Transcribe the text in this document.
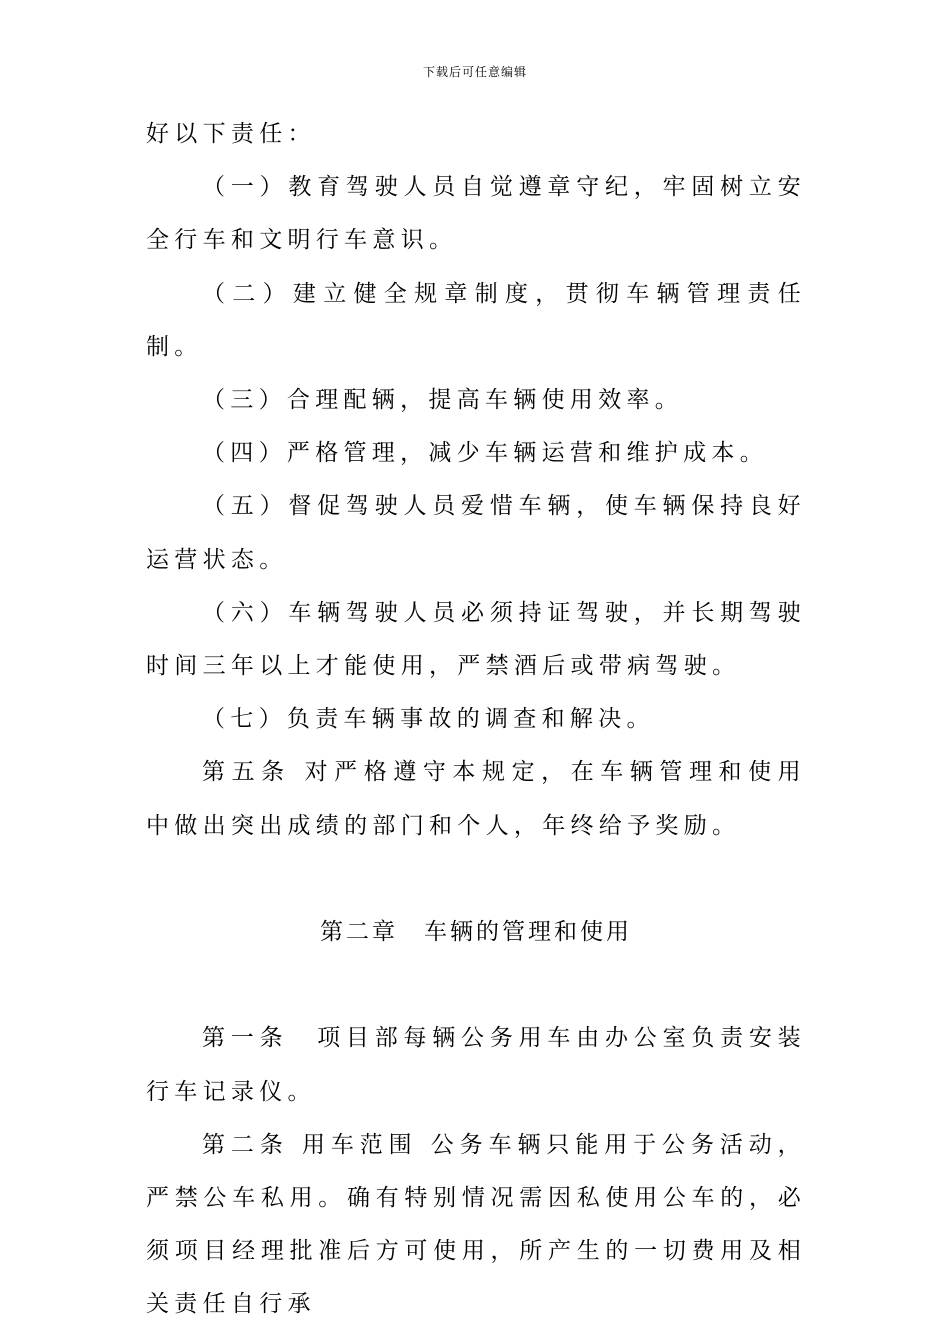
下载后可任意编辑

好以下责任：

（一）教育驾驶人员自觉遵章守纪，牢固树立安全行车和文明行车意识。

（二）建立健全规章制度，贯彻车辆管理责任制。

（三）合理配辆，提高车辆使用效率。

（四）严格管理，减少车辆运营和维护成本。

（五）督促驾驶人员爱惜车辆，使车辆保持良好运营状态。

（六）车辆驾驶人员必须持证驾驶，并长期驾驶时间三年以上才能使用，严禁酒后或带病驾驶。

（七）负责车辆事故的调查和解决。

第五条 对严格遵守本规定，在车辆管理和使用中做出突出成绩的部门和个人，年终给予奖励。

第二章 车辆的管理和使用

第一条　项目部每辆公务用车由办公室负责安装行车记录仪。

第二条 用车范围 公务车辆只能用于公务活动，严禁公车私用。确有特别情况需因私使用公车的，必须项目经理批准后方可使用，所产生的一切费用及相关责任自行承
